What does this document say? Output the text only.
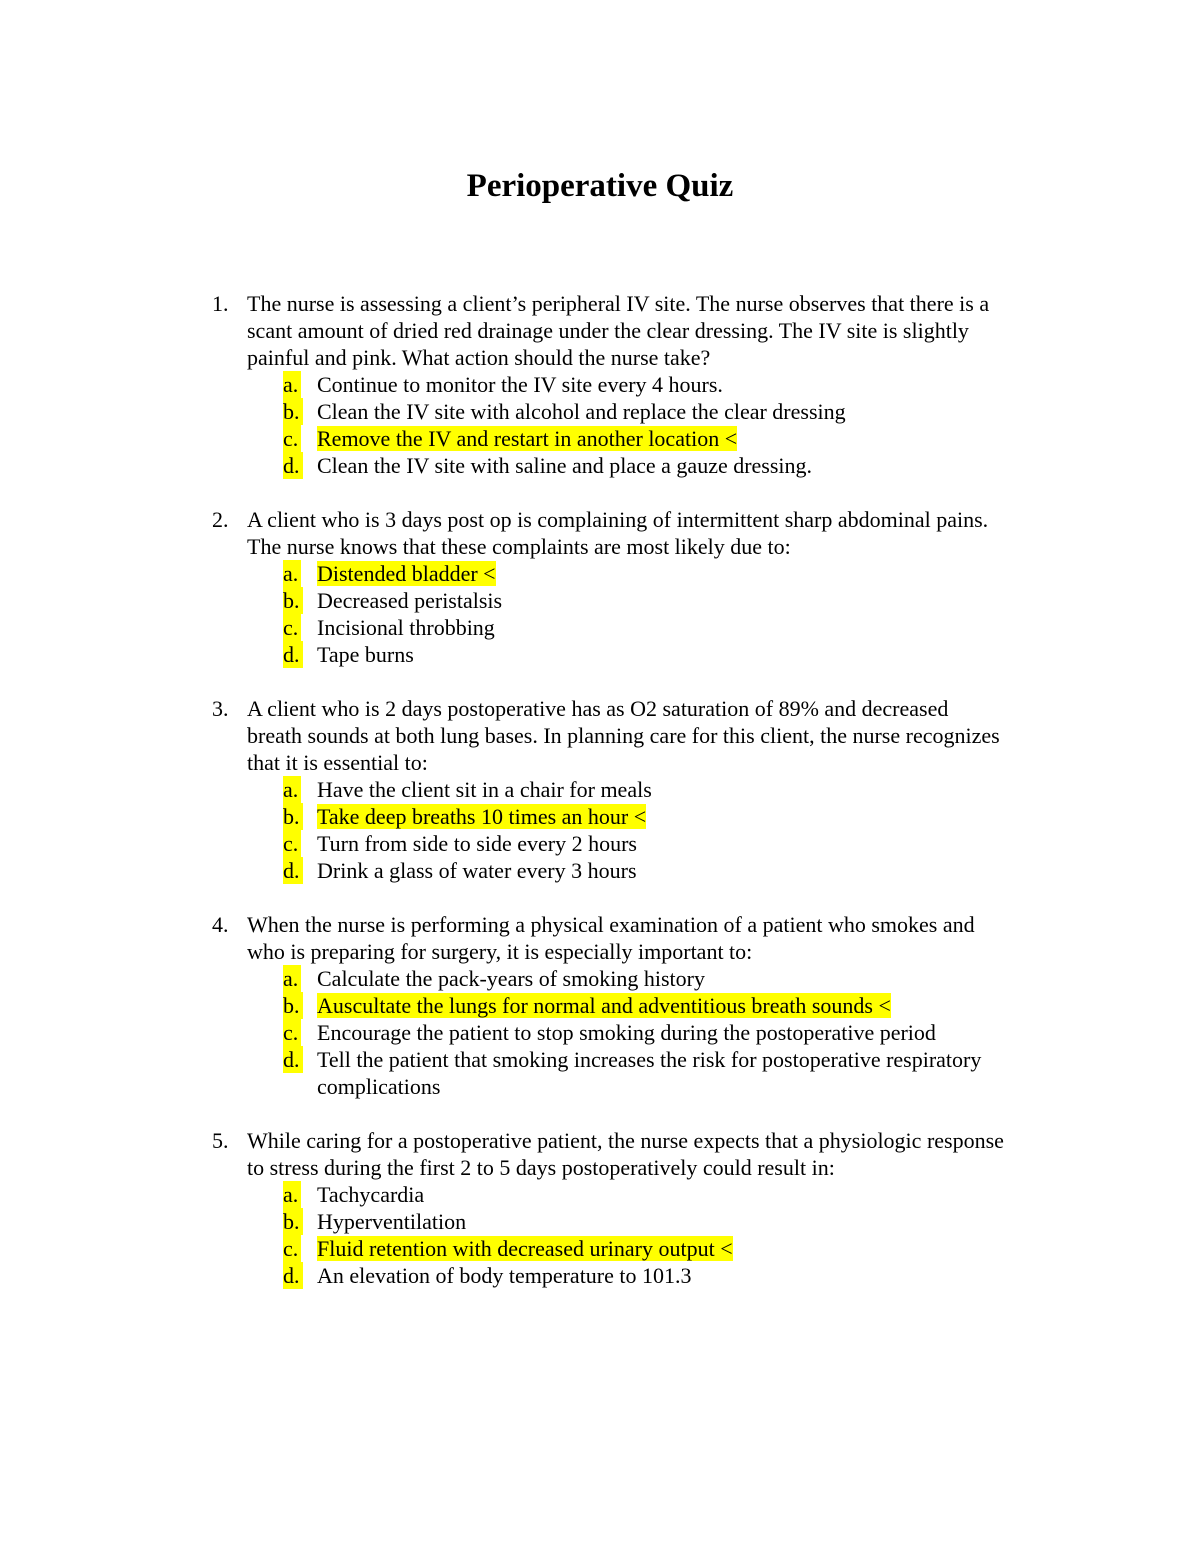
Perioperative Quiz
1. The nurse is assessing a client’s peripheral IV site. The nurse observes that there is a scant amount of dried red drainage under the clear dressing. The IV site is slightly painful and pink. What action should the nurse take?
a. Continue to monitor the IV site every 4 hours.
b. Clean the IV site with alcohol and replace the clear dressing
c. Remove the IV and restart in another location <
d. Clean the IV site with saline and place a gauze dressing.
2. A client who is 3 days post op is complaining of intermittent sharp abdominal pains. The nurse knows that these complaints are most likely due to:
a. Distended bladder <
b. Decreased peristalsis
c. Incisional throbbing
d. Tape burns
3. A client who is 2 days postoperative has as O2 saturation of 89% and decreased breath sounds at both lung bases. In planning care for this client, the nurse recognizes that it is essential to:
a. Have the client sit in a chair for meals
b. Take deep breaths 10 times an hour <
c. Turn from side to side every 2 hours
d. Drink a glass of water every 3 hours
4. When the nurse is performing a physical examination of a patient who smokes and who is preparing for surgery, it is especially important to:
a. Calculate the pack-years of smoking history
b. Auscultate the lungs for normal and adventitious breath sounds <
c. Encourage the patient to stop smoking during the postoperative period
d. Tell the patient that smoking increases the risk for postoperative respiratory complications
5. While caring for a postoperative patient, the nurse expects that a physiologic response to stress during the first 2 to 5 days postoperatively could result in:
a. Tachycardia
b. Hyperventilation
c. Fluid retention with decreased urinary output <
d. An elevation of body temperature to 101.3
